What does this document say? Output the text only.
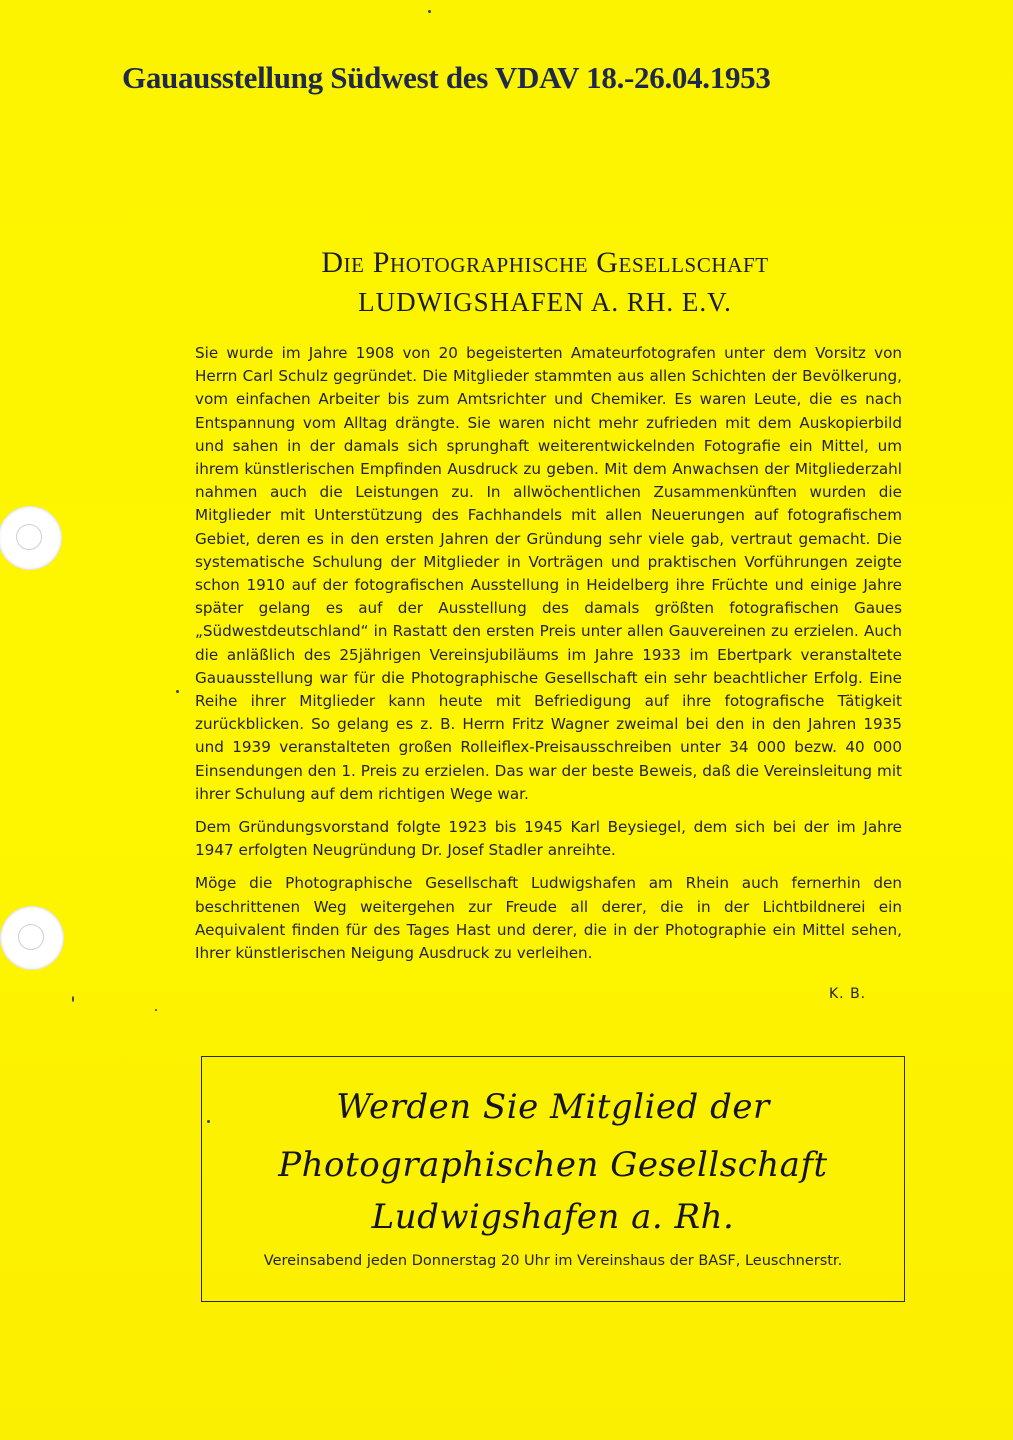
Gauausstellung Südwest des VDAV 18.-26.04.1953
Die Photographische Gesellschaft
LUDWIGSHAFEN A. RH. E.V.

Sie wurde im Jahre 1908 von 20 begeisterten Amateurfotografen unter dem Vorsitz von Herrn Carl Schulz gegründet. Die Mitglieder stammten aus allen Schichten der Bevölkerung, vom einfachen Arbeiter bis zum Amtsrichter und Chemiker. Es waren Leute, die es nach Entspannung vom Alltag drängte. Sie waren nicht mehr zufrieden mit dem Auskopierbild und sahen in der damals sich sprunghaft weiterentwickelnden Fotografie ein Mittel, um ihrem künstlerischen Empfinden Ausdruck zu geben. Mit dem Anwachsen der Mitgliederzahl nahmen auch die Leistungen zu. In allwöchentlichen Zusammenkünften wurden die Mitglieder mit Unterstützung des Fachhandels mit allen Neuerungen auf fotografischem Gebiet, deren es in den ersten Jahren der Gründung sehr viele gab, vertraut gemacht. Die systematische Schulung der Mitglieder in Vorträgen und praktischen Vorführungen zeigte schon 1910 auf der fotografischen Ausstellung in Heidelberg ihre Früchte und einige Jahre später gelang es auf der Ausstellung des damals größten fotografischen Gaues „Südwestdeutschland“ in Rastatt den ersten Preis unter allen Gauvereinen zu erzielen. Auch die anläßlich des 25jährigen Vereinsjubiläums im Jahre 1933 im Ebertpark veranstaltete Gauausstellung war für die Photographische Gesellschaft ein sehr beachtlicher Erfolg. Eine Reihe ihrer Mitglieder kann heute mit Befriedigung auf ihre fotografische Tätigkeit zurückblicken. So gelang es z. B. Herrn Fritz Wagner zweimal bei den in den Jahren 1935 und 1939 veranstalteten großen Rolleiflex-Preisausschreiben unter 34 000 bezw. 40 000 Einsendungen den 1. Preis zu erzielen. Das war der beste Beweis, daß die Vereinsleitung mit ihrer Schulung auf dem richtigen Wege war.

Dem Gründungsvorstand folgte 1923 bis 1945 Karl Beysiegel, dem sich bei der im Jahre 1947 erfolgten Neugründung Dr. Josef Stadler anreihte.

Möge die Photographische Gesellschaft Ludwigshafen am Rhein auch fernerhin den beschrittenen Weg weitergehen zur Freude all derer, die in der Lichtbildnerei ein Aequivalent finden für des Tages Hast und derer, die in der Photographie ein Mittel sehen, Ihrer künstlerischen Neigung Ausdruck zu verleihen.

K. B.
Werden Sie Mitglied der
Photographischen Gesellschaft
Ludwigshafen a. Rh.
Vereinsabend jeden Donnerstag 20 Uhr im Vereinshaus der BASF, Leuschnerstr.
